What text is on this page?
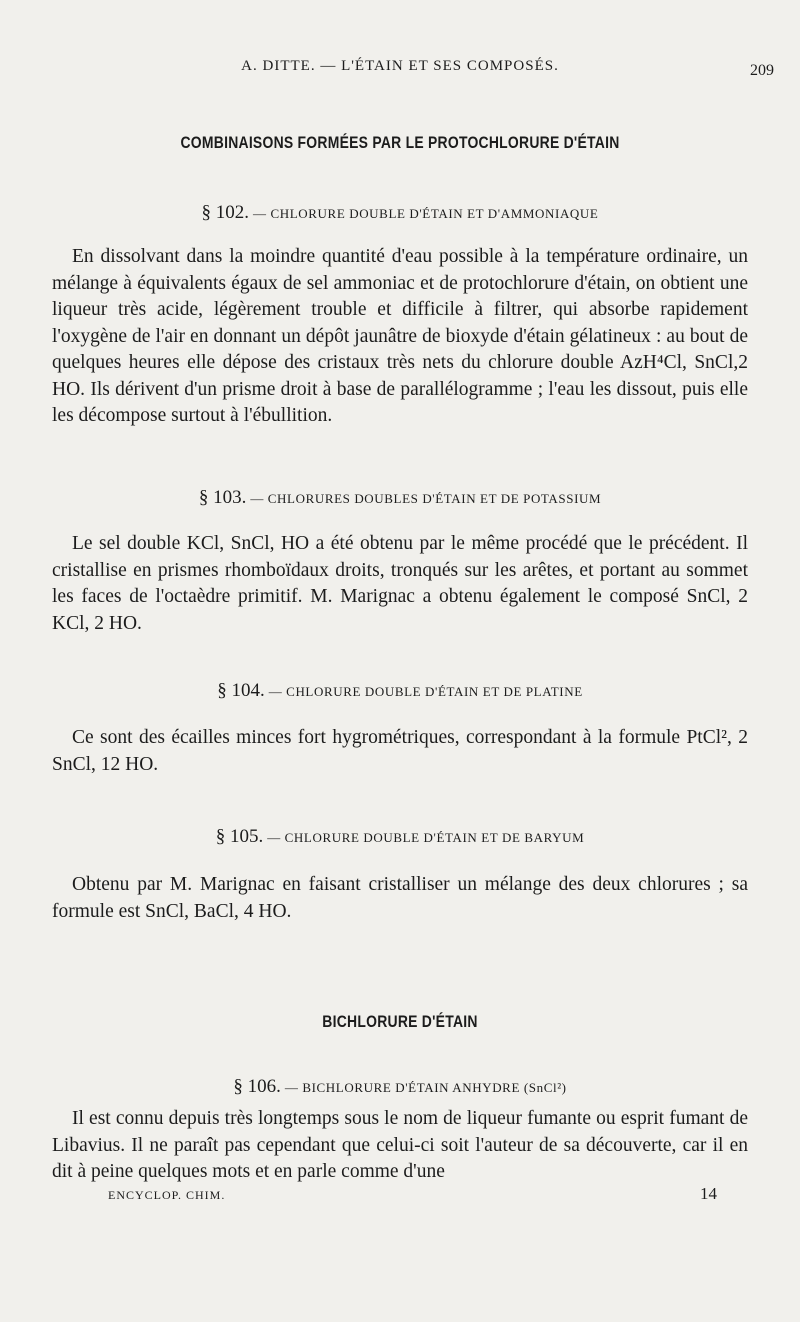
A. DITTE. — L'ÉTAIN ET SES COMPOSÉS.	209
COMBINAISONS FORMÉES PAR LE PROTOCHLORURE D'ÉTAIN
§ 102. — CHLORURE DOUBLE D'ÉTAIN ET D'AMMONIAQUE
En dissolvant dans la moindre quantité d'eau possible à la température ordinaire, un mélange à équivalents égaux de sel ammoniac et de protochlorure d'étain, on obtient une liqueur très acide, légèrement trouble et difficile à filtrer, qui absorbe rapidement l'oxygène de l'air en donnant un dépôt jaunâtre de bioxyde d'étain gélatineux : au bout de quelques heures elle dépose des cristaux très nets du chlorure double AzH⁴Cl, SnCl,2 HO. Ils dérivent d'un prisme droit à base de parallélogramme ; l'eau les dissout, puis elle les décompose surtout à l'ébullition.
§ 103. — CHLORURES DOUBLES D'ÉTAIN ET DE POTASSIUM
Le sel double KCl, SnCl, HO a été obtenu par le même procédé que le précédent. Il cristallise en prismes rhomboïdaux droits, tronqués sur les arêtes, et portant au sommet les faces de l'octaèdre primitif. M. Marignac a obtenu également le composé SnCl, 2 KCl, 2 HO.
§ 104. — CHLORURE DOUBLE D'ÉTAIN ET DE PLATINE
Ce sont des écailles minces fort hygrométriques, correspondant à la formule PtCl², 2 SnCl, 12 HO.
§ 105. — CHLORURE DOUBLE D'ÉTAIN ET DE BARYUM
Obtenu par M. Marignac en faisant cristalliser un mélange des deux chlorures ; sa formule est SnCl, BaCl, 4 HO.
BICHLORURE D'ÉTAIN
§ 106. — BICHLORURE D'ÉTAIN ANHYDRE (SnCl²)
Il est connu depuis très longtemps sous le nom de liqueur fumante ou esprit fumant de Libavius. Il ne paraît pas cependant que celui-ci soit l'auteur de sa découverte, car il en dit à peine quelques mots et en parle comme d'une
ENCYCLOP. CHIM.	14
